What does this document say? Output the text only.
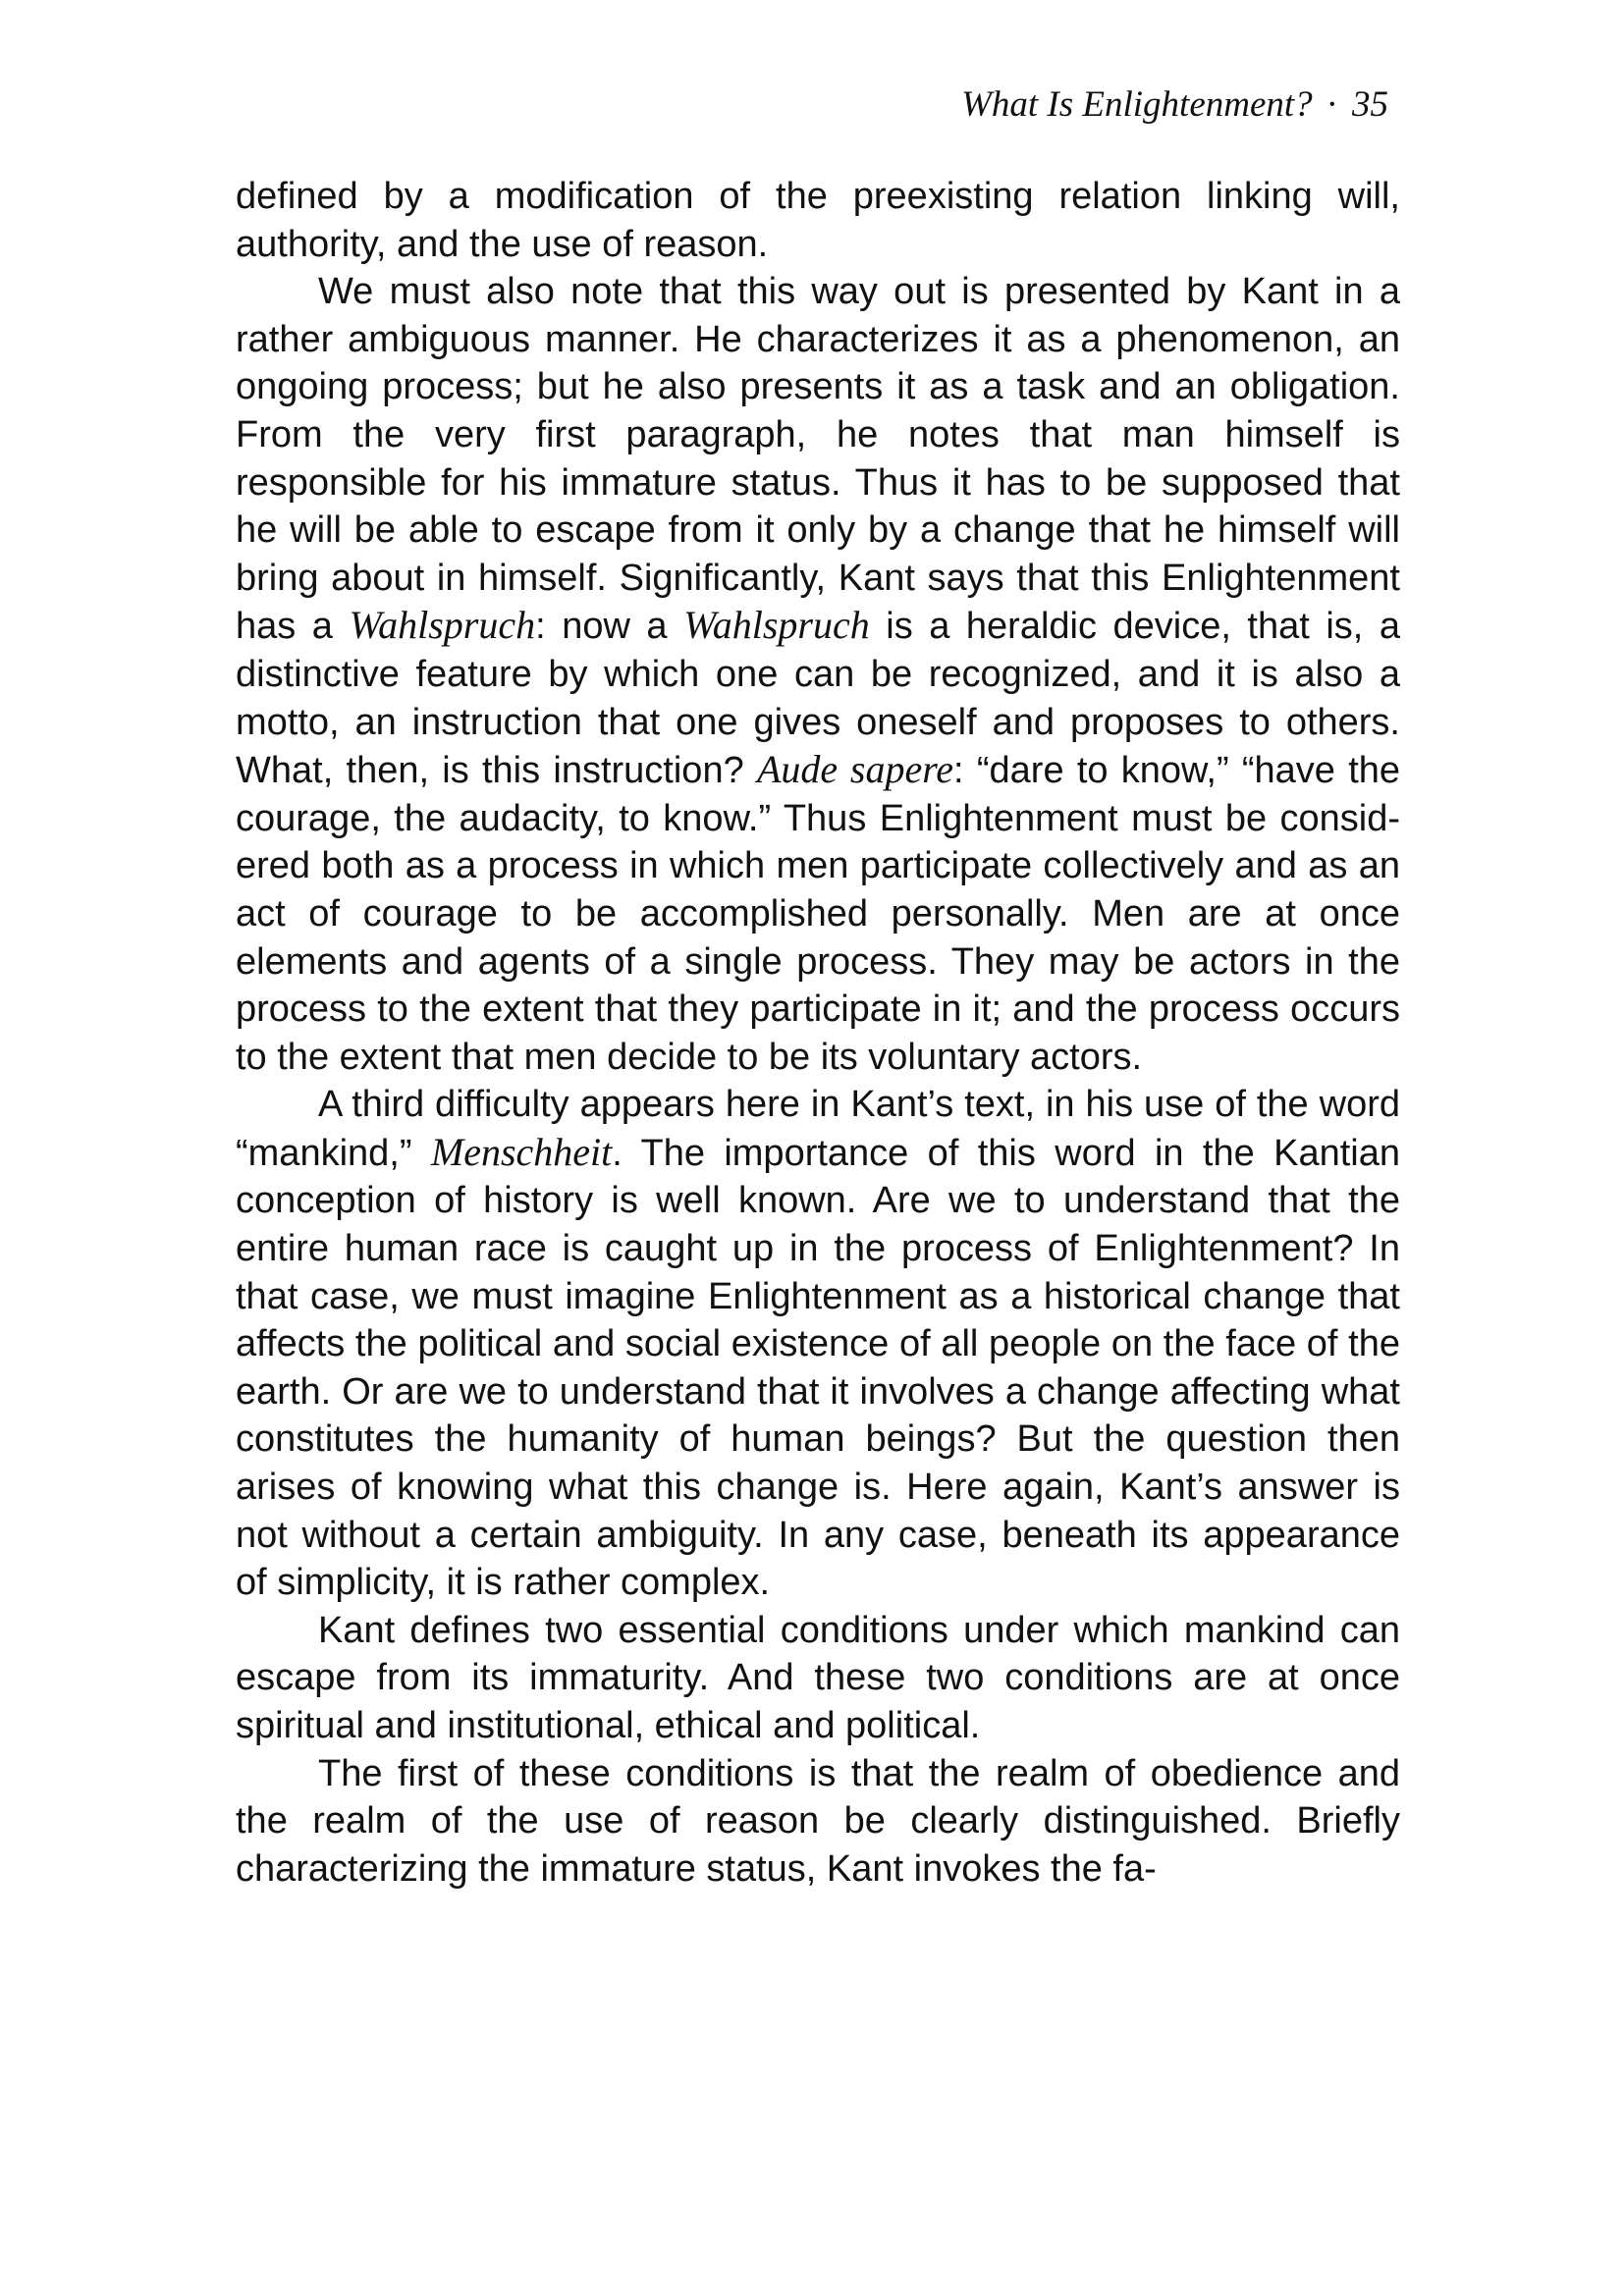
What Is Enlightenment? · 35

defined by a modification of the preexisting relation linking will, authority, and the use of reason.

We must also note that this way out is presented by Kant in a rather ambiguous manner. He characterizes it as a phenomenon, an ongoing process; but he also presents it as a task and an obligation. From the very first paragraph, he notes that man himself is responsible for his immature status. Thus it has to be supposed that he will be able to escape from it only by a change that he himself will bring about in himself. Significantly, Kant says that this Enlightenment has a Wahlspruch: now a Wahlspruch is a heraldic device, that is, a distinctive feature by which one can be recognized, and it is also a motto, an instruction that one gives oneself and proposes to others. What, then, is this instruction? Aude sapere: “dare to know,” “have the courage, the audacity, to know.” Thus Enlightenment must be considered both as a process in which men participate collectively and as an act of courage to be accomplished personally. Men are at once elements and agents of a single process. They may be actors in the process to the extent that they participate in it; and the process occurs to the extent that men decide to be its voluntary actors.

A third difficulty appears here in Kant’s text, in his use of the word “mankind,” Menschheit. The importance of this word in the Kantian conception of history is well known. Are we to understand that the entire human race is caught up in the process of Enlightenment? In that case, we must imagine Enlightenment as a historical change that affects the political and social existence of all people on the face of the earth. Or are we to understand that it involves a change affecting what constitutes the humanity of human beings? But the question then arises of knowing what this change is. Here again, Kant’s answer is not without a certain ambiguity. In any case, beneath its appearance of simplicity, it is rather complex.

Kant defines two essential conditions under which mankind can escape from its immaturity. And these two conditions are at once spiritual and institutional, ethical and political.

The first of these conditions is that the realm of obedience and the realm of the use of reason be clearly distinguished. Briefly characterizing the immature status, Kant invokes the fa-
